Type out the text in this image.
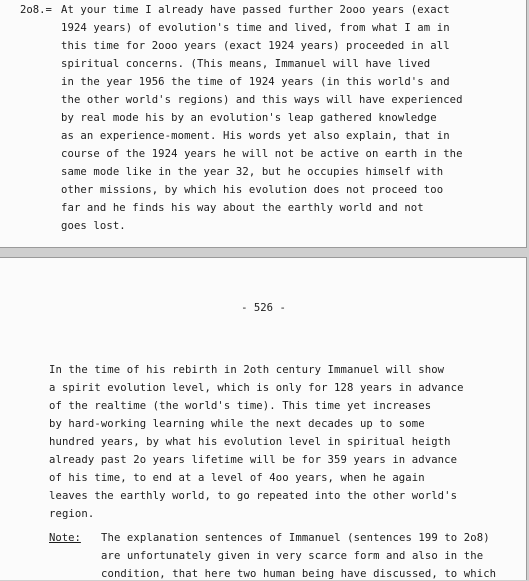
2o8.= At your time I already have passed further 2ooo years (exact
1924 years) of evolution's time and lived, from what I am in
this time for 2ooo years (exact 1924 years) proceeded in all
spiritual concerns. (This means, Immanuel will have lived
in the year 1956 the time of 1924 years (in this world's and
the other world's regions) and this ways will have experienced
by real mode his by an evolution's leap gathered knowledge
as an experience-moment. His words yet also explain, that in
course of the 1924 years he will not be active on earth in the
same mode like in the year 32, but he occupies himself with
other missions, by which his evolution does not proceed too
far and he finds his way about the earthly world and not
goes lost.
- 526 -
In the time of his rebirth in 2oth century Immanuel will show
a spirit evolution level, which is only for 128 years in advance
of the realtime (the world's time). This time yet increases
by hard-working learning while the next decades up to some
hundred years, by what his evolution level in spiritual heigth
already past 2o years lifetime will be for 359 years in advance
of his time, to end at a level of 4oo years, when he again
leaves the earthly world, to go repeated into the other world's
region.
Note: The explanation sentences of Immanuel (sentences 199 to 2o8)
are unfortunately given in very scarce form and also in the
condition, that here two human being have discussed, to which
